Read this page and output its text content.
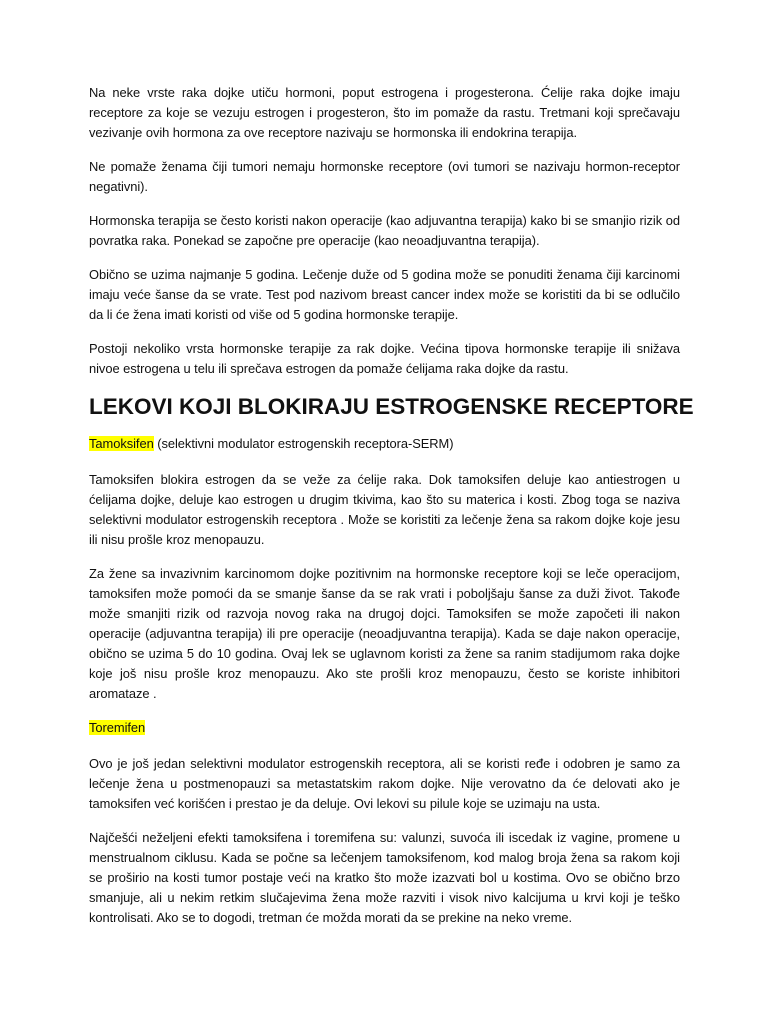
Na neke vrste raka dojke utiču hormoni, poput estrogena i progesterona. Ćelije raka dojke imaju receptore za koje se vezuju estrogen i progesteron, što im pomaže da rastu. Tretmani koji sprečavaju vezivanje ovih hormona za ove receptore nazivaju se hormonska ili endokrina terapija.

Ne pomaže ženama čiji tumori nemaju hormonske receptore (ovi tumori se nazivaju hormon-receptor negativni).

Hormonska terapija se često koristi nakon operacije (kao adjuvantna terapija) kako bi se smanjio rizik od povratka raka. Ponekad se započne pre operacije (kao neoadjuvantna terapija).

Obično se uzima najmanje 5 godina. Lečenje duže od 5 godina može se ponuditi ženama čiji karcinomi imaju veće šanse da se vrate. Test pod nazivom breast cancer index može se koristiti da bi se odlučilo da li će žena imati koristi od više od 5 godina hormonske terapije.

Postoji nekoliko vrsta hormonske terapije za rak dojke. Većina tipova hormonske terapije ili snižava nivoe estrogena u telu ili sprečava estrogen da pomaže ćelijama raka dojke da rastu.

LEKOVI KOJI BLOKIRAJU ESTROGENSKE RECEPTORE

Tamoksifen (selektivni modulator estrogenskih receptora-SERM)

Tamoksifen blokira estrogen da se veže za ćelije raka. Dok tamoksifen deluje kao antiestrogen u ćelijama dojke, deluje kao estrogen u drugim tkivima, kao što su materica i kosti. Zbog toga se naziva selektivni modulator estrogenskih receptora . Može se koristiti za lečenje žena sa rakom dojke koje jesu ili nisu prošle kroz menopauzu.

Za žene sa invazivnim karcinomom dojke pozitivnim na hormonske receptore koji se leče operacijom, tamoksifen može pomoći da se smanje šanse da se rak vrati i poboljšaju šanse za duži život. Takođe može smanjiti rizik od razvoja novog raka na drugoj dojci. Tamoksifen se može započeti ili nakon operacije (adjuvantna terapija) ili pre operacije (neoadjuvantna terapija). Kada se daje nakon operacije, obično se uzima 5 do 10 godina. Ovaj lek se uglavnom koristi za žene sa ranim stadijumom raka dojke koje još nisu prošle kroz menopauzu. Ako ste prošli kroz menopauzu, često se koriste inhibitori aromataze .

Toremifen

Ovo je još jedan selektivni modulator estrogenskih receptora, ali se koristi ređe i odobren je samo za lečenje žena u postmenopauzi sa metastatskim rakom dojke. Nije verovatno da će delovati ako je tamoksifen već korišćen i prestao je da deluje. Ovi lekovi su pilule koje se uzimaju na usta.

Najčešći neželjeni efekti tamoksifena i toremifena su: valunzi, suvoća ili iscedak iz vagine, promene u menstrualnom ciklusu. Kada se počne sa lečenjem tamoksifenom, kod malog broja žena sa rakom koji se proširio na kosti tumor postaje veći na kratko što može izazvati bol u kostima. Ovo se obično brzo smanjuje, ali u nekim retkim slučajevima žena može razviti i visok nivo kalcijuma u krvi koji je teško kontrolisati. Ako se to dogodi, tretman će možda morati da se prekine na neko vreme.
